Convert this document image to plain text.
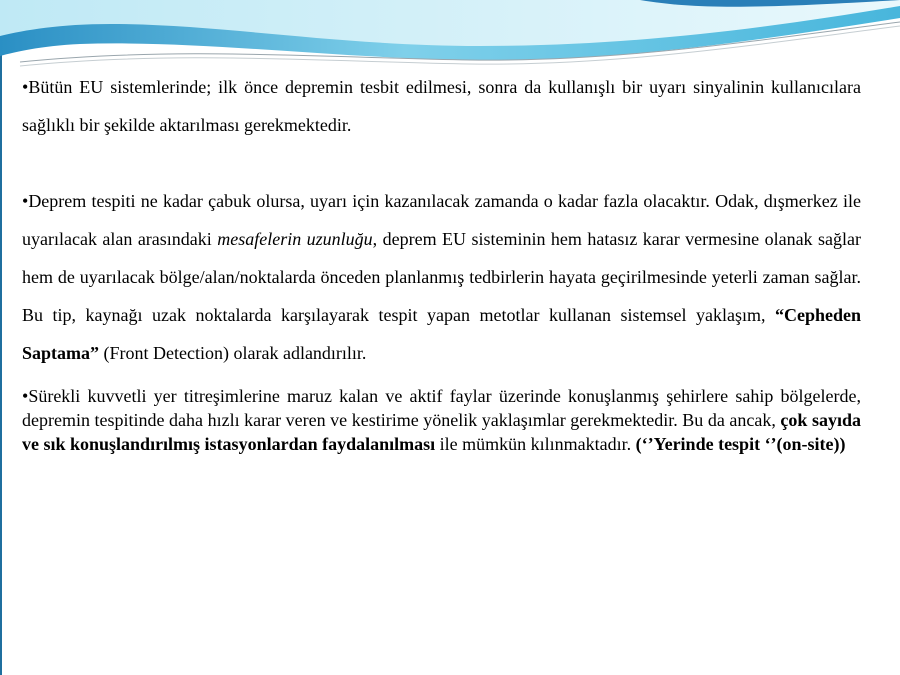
•Bütün EU sistemlerinde; ilk önce depremin tesbit edilmesi, sonra da kullanışlı bir uyarı sinyalinin kullanıcılara sağlıklı bir şekilde aktarılması gerekmektedir.

•Deprem tespiti ne kadar çabuk olursa, uyarı için kazanılacak zamanda o kadar fazla olacaktır. Odak, dışmerkez ile uyarılacak alan arasındaki mesafelerin uzunluğu, deprem EU sisteminin hem hatasız karar vermesine olanak sağlar hem de uyarılacak bölge/alan/noktalarda önceden planlanmış tedbirlerin hayata geçirilmesinde yeterli zaman sağlar. Bu tip, kaynağı uzak noktalarda karşılayarak tespit yapan metotlar kullanan sistemsel yaklaşım, “Cepheden Saptama” (Front Detection) olarak adlandırılır.

•Sürekli kuvvetli yer titreşimlerine maruz kalan ve aktif faylar üzerinde konuşlanmış şehirlere sahip bölgelerde, depremin tespitinde daha hızlı karar veren ve kestirime yönelik yaklaşımlar gerekmektedir. Bu da ancak, çok sayıda ve sık konuşlandırılmış istasyonlardan faydalanılması ile mümkün kılınmaktadır. (‘’Yerinde tespit ‘’(on-site))
